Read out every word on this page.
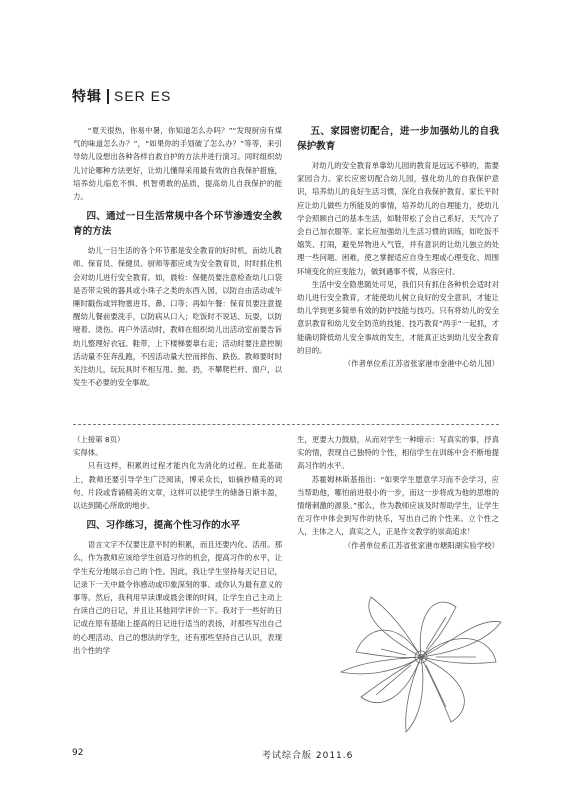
特辑 SER ES

“夏天很热，你易中暑，你知道怎么办吗？”“发现厨房有煤气的味道怎么办？”，“如果你的手划破了怎么办？”等等，来引导幼儿设想出各种各样自救自护的方法并进行演习。同时组织幼儿讨论哪种方法更好，让幼儿懂得采用最有效的自我保护措施，培养幼儿临危不惧、机智勇敢的品质，提高幼儿自我保护的能力。

四、通过一日生活常规中各个环节渗透安全教育的方法

幼儿一日生活的各个环节都是安全教育的好时机，而幼儿教师、保育员、保健员、厨师等都应成为安全教育员，时时抓住机会对幼儿进行安全教育。如，晨检：保健员要注意检查幼儿口袋是否带尖锐的器具或小珠子之类的东西入园，以防自由活动或午睡时戳伤或异物塞进耳、鼻、口等；再如午餐：保育员要注意提醒幼儿餐前要洗手，以防病从口入；吃饭时不说话、玩耍，以防噎着、烫伤。再户外活动时，教师在组织幼儿出活动室前要告诉幼儿整理好衣冠、鞋带，上下楼梯要靠右走；活动时要注意控制活动量不狂奔乱跑，不因活动量大控而摔伤、跌伤。教师要时时关注幼儿，玩玩具时不相互甩、抛、扔，不攀爬栏杆、窗户，以发生不必要的安全事故。

五、家园密切配合，进一步加强幼儿的自我保护教育

对幼儿的安全教育单靠幼儿园的教育是远远不够的，需要家园合力。家长应密切配合幼儿园，强化幼儿的自我保护意识，培养幼儿的良好生活习惯，深化自我保护教育。家长平时应让幼儿做些力所能及的事情，培养幼儿的自理能力，使幼儿学会照顾自己的基本生活，如鞋带松了会自己系好，天气冷了会自己加衣服等。家长应加强幼儿生活习惯的训练，如吃饭不嬉笑、打闹，避免异物进入气管，并有意识的让幼儿独立的处理一些问题、困难，使之掌握适应自身生理或心理变化、周围环境变化的应变能力，做到遇事不慌，从容应付。

生活中安全隐患随处可见，我们只有抓住各种机会适时对幼儿进行安全教育，才能使幼儿树立良好的安全意识，才能让幼儿学到更多简单有效的防护技能与技巧。只有将幼儿的安全意识教育和幼儿安全防范的技能、技巧教育“两手”一起抓，才能确切降低幼儿安全事故的发生，才能真正达到幼儿安全教育的目的。

（作者单位系江苏省张家港市金港中心幼儿园）

（上接第 8页）

实得体。

只有这样，积累的过程才能内化为消化的过程。在此基础上，教师还要引导学生广泛阅读，博采众长，如摘抄精美的词句、片段或背诵精美的文章，这样可以使学生的储备日渐丰盈，以达到随心所欲的地步。

四、习作练习，提高个性习作的水平

语言文字不仅要注意平时的积累，而且还要内化、活用。那么，作为教师应该给学生创造习作的机会，提高习作的水平，让学生充分地展示自己的个性。因此，我让学生坚持每天记日记，记录下一天中最令你感动或印象深刻的事、或你认为最有意义的事等。然后，我利用早读课或晨会课的时间，让学生自己主动上台读自己的日记，并且让其他同学评价一下。我对于一些好的日记或在原有基础上提高的日记进行适当的表扬，对那些写出自己的心理活动、自己的想法的学生，还有那些坚持自己认识，表现出个性的学

生，更要大力鼓励，从而对学生一种暗示：写真实的事，抒真实的情，表现自己独特的个性，相信学生在训练中会不断地提高习作的水平。

苏霍姆林斯基指出：“如果学生愿意学习而不会学习，应当帮助他，哪怕前进很小的一步，而这一步将成为他的思维的情绪刺激的源泉。”那么，作为教师应该及时帮助学生，让学生在习作中体会到写作的快乐，写出自己的个性来。立个性之人，主体之人，真实之人，正是作文教学的崇高追求！

（作者单位系江苏省张家港市塘阳湖实验学校）

92	考试综合版 2011.6
